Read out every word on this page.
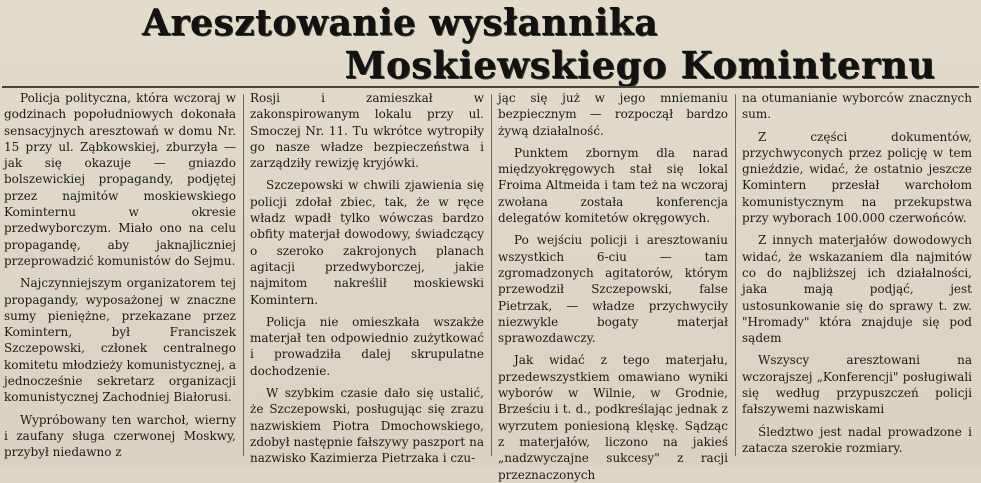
Aresztowanie wysłannika
Moskiewskiego Kominternu

Policja polityczna, która wczoraj w godzinach popołudniowych dokonała sensacyjnych aresztowań w domu Nr. 15 przy ul. Ząbkowskiej, zburzyła — jak się okazuje — gniazdo bolszewickiej propagandy, podjętej przez najmitów moskiewskiego Kominternu w okresie przedwyborczym. Miało ono na celu propagandę, aby jaknajliczniej przeprowadzić komunistów do Sejmu.

Najczynniejszym organizatorem tej propagandy, wyposażonej w znaczne sumy pieniężne, przekazane przez Komintern, był Franciszek Szczepowski, członek centralnego komitetu młodzieży komunistycznej, a jednocześnie sekretarz organizacji komunistycznej Zachodniej Białorusi.

Wypróbowany ten warchoł, wierny i zaufany sługa czerwonej Moskwy, przybył niedawno z

Rosji i zamieszkał w zakonspirowanym lokalu przy ul. Smoczej Nr. 11. Tu wkrótce wytropiły go nasze władze bezpieczeństwa i zarządziły rewizję kryjówki.

Szczepowski w chwili zjawienia się policji zdołał zbiec, tak, że w ręce władz wpadł tylko wówczas bardzo obfity materjał dowodowy, świadczący o szeroko zakrojonych planach agitacji przedwyborczej, jakie najmitom nakreślił moskiewski Komintern.

Policja nie omieszkała wszakże materjał ten odpowiednio zużytkować i prowadziła dalej skrupulatne dochodzenie.

W szybkim czasie dało się ustalić, że Szczepowski, posługując się zrazu nazwiskiem Piotra Dmochowskiego, zdobył następnie fałszywy paszport na nazwisko Kazimierza Pietrzaka i czu-

jąc się już w jego mniemaniu bezpiecznym — rozpoczął bardzo żywą działalność.

Punktem zbornym dla narad międzyokręgowych stał się lokal Froima Altmeida i tam też na wczoraj zwołana została konferencja delegatów komitetów okręgowych.

Po wejściu policji i aresztowaniu wszystkich 6-ciu — tam zgromadzonych agitatorów, którym przewodził Szczepowski, false Pietrzak, — władze przychwyciły niezwykle bogaty materjał sprawozdawczy.

Jak widać z tego materjału, przedewszystkiem omawiano wyniki wyborów w Wilnie, w Grodnie, Brześciu i t. d., podkreślając jednak z wyrzutem poniesioną klęskę. Sądząc z materjałów, liczono na jakieś „nadzwyczajne sukcesy" z racji przeznaczonych

na otumanianie wyborców znacznych sum.

Z części dokumentów, przychwyconych przez policję w tem gnieździe, widać, że ostatnio jeszcze Komintern przesłał warchołom komunistycznym na przekupstwa przy wyborach 100.000 czerwońców.

Z innych materjałów dowodowych widać, że wskazaniem dla najmitów co do najbliższej ich działalności, jaka mają podjąć, jest ustosunkowanie się do sprawy t. zw. "Hromady" która znajduje się pod sądem

Wszyscy aresztowani na wczorajszej „Konferencji" posługiwali się według przypuszczeń policji fałszywemi nazwiskami

Śledztwo jest nadal prowadzone i zatacza szerokie rozmiary.
